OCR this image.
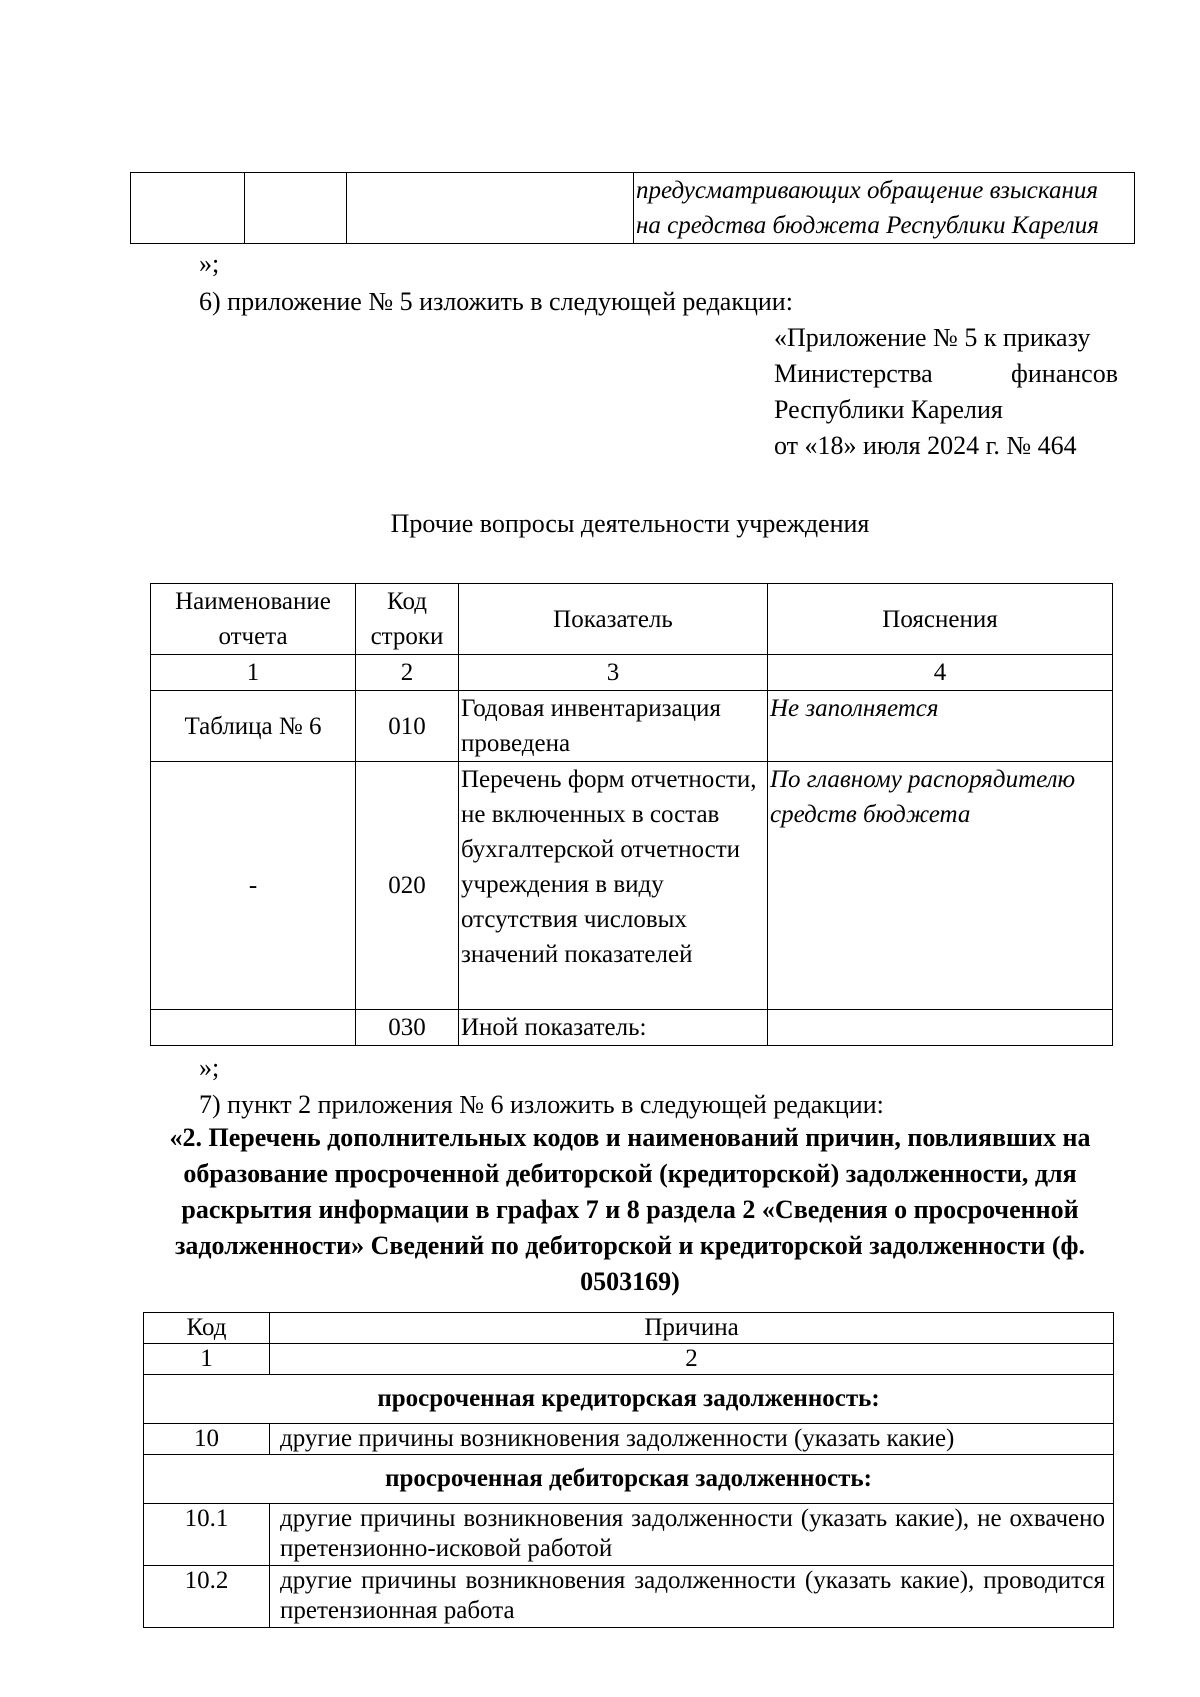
предусматривающих обращение взыскания
на средства бюджета Республики Карелия
»;
6) приложение № 5 изложить в следующей редакции:
«Приложение № 5 к приказу
Министерства	финансов
Республики Карелия
от «18» июля 2024 г. № 464
Прочие вопросы деятельности учреждения
Наименование отчета	Код строки	Показатель	Пояснения
1	2	3	4
Таблица № 6	010	Годовая инвентаризация проведена	Не заполняется
-	020	Перечень форм отчетности, не включенных в состав бухгалтерской отчетности учреждения в виду отсутствия числовых значений показателей	По главному распорядителю средств бюджета
	030	Иной показатель:	
»;
7) пункт 2 приложения № 6 изложить в следующей редакции:
«2. Перечень дополнительных кодов и наименований причин, повлиявших на образование просроченной дебиторской (кредиторской) задолженности, для раскрытия информации в графах 7 и 8 раздела 2 «Сведения о просроченной задолженности» Сведений по дебиторской и кредиторской задолженности (ф. 0503169)
Код	Причина
1	2
просроченная кредиторская задолженность:	
10	другие причины возникновения задолженности (указать какие)
просроченная дебиторская задолженность:	
10.1	другие причины возникновения задолженности (указать какие), не охвачено претензионно-исковой работой
10.2	другие причины возникновения задолженности (указать какие), проводится претензионная работа
